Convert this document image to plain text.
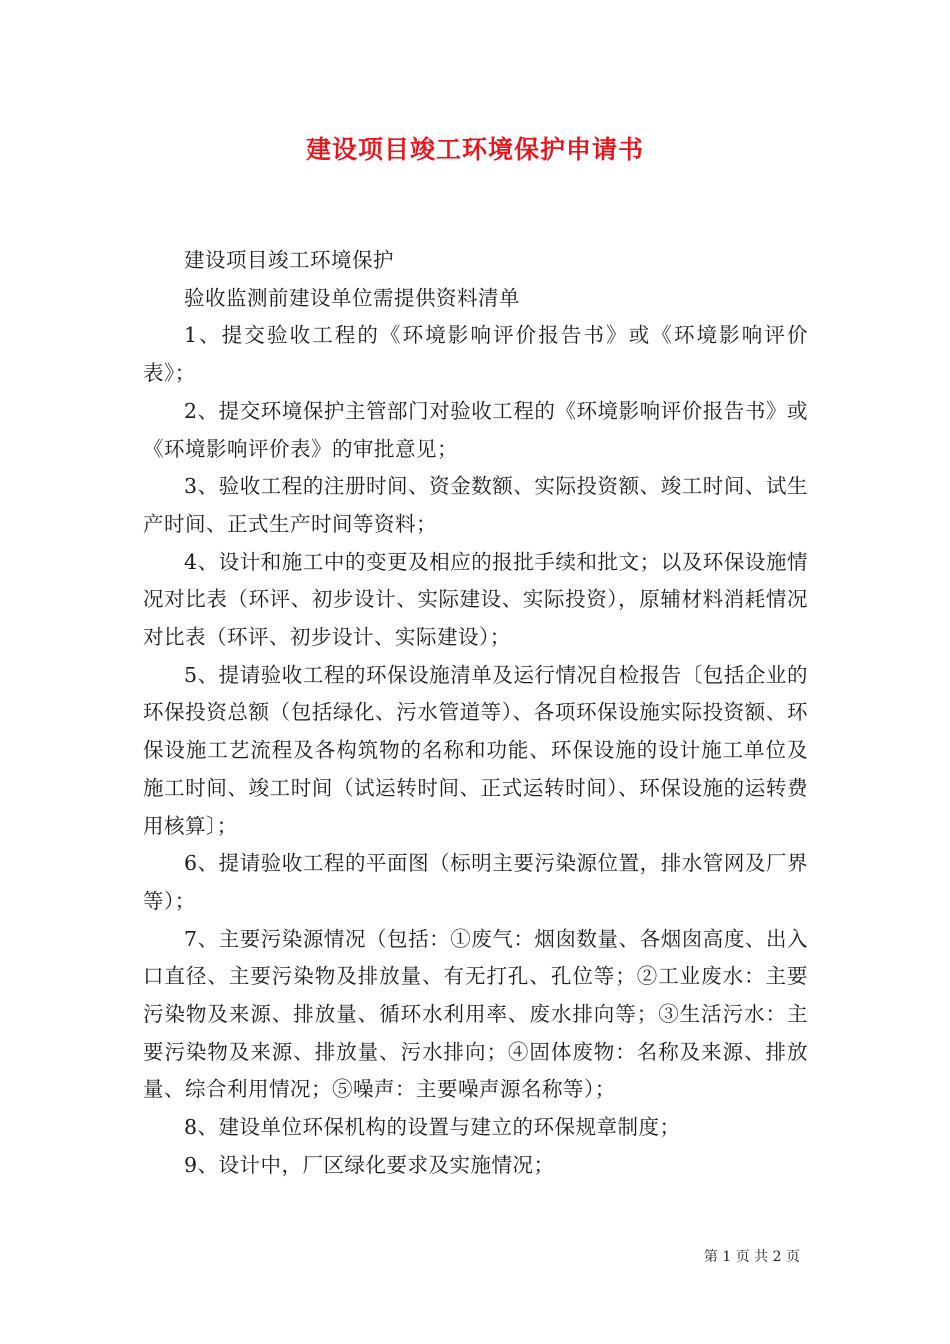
建设项目竣工环境保护申请书

建设项目竣工环境保护

验收监测前建设单位需提供资料清单

1、提交验收工程的《环境影响评价报告书》或《环境影响评价表》；

2、提交环境保护主管部门对验收工程的《环境影响评价报告书》或《环境影响评价表》的审批意见；

3、验收工程的注册时间、资金数额、实际投资额、竣工时间、试生产时间、正式生产时间等资料；

4、设计和施工中的变更及相应的报批手续和批文；以及环保设施情况对比表（环评、初步设计、实际建设、实际投资），原辅材料消耗情况对比表（环评、初步设计、实际建设）；

5、提请验收工程的环保设施清单及运行情况自检报告〔包括企业的环保投资总额（包括绿化、污水管道等）、各项环保设施实际投资额、环保设施工艺流程及各构筑物的名称和功能、环保设施的设计施工单位及施工时间、竣工时间（试运转时间、正式运转时间）、环保设施的运转费用核算〕；

6、提请验收工程的平面图（标明主要污染源位置，排水管网及厂界等）；

7、主要污染源情况（包括：①废气：烟囱数量、各烟囱高度、出入口直径、主要污染物及排放量、有无打孔、孔位等；②工业废水：主要污染物及来源、排放量、循环水利用率、废水排向等；③生活污水：主要污染物及来源、排放量、污水排向；④固体废物：名称及来源、排放量、综合利用情况；⑤噪声：主要噪声源名称等）；

8、建设单位环保机构的设置与建立的环保规章制度；

9、设计中，厂区绿化要求及实施情况；

第 1 页 共 2 页
